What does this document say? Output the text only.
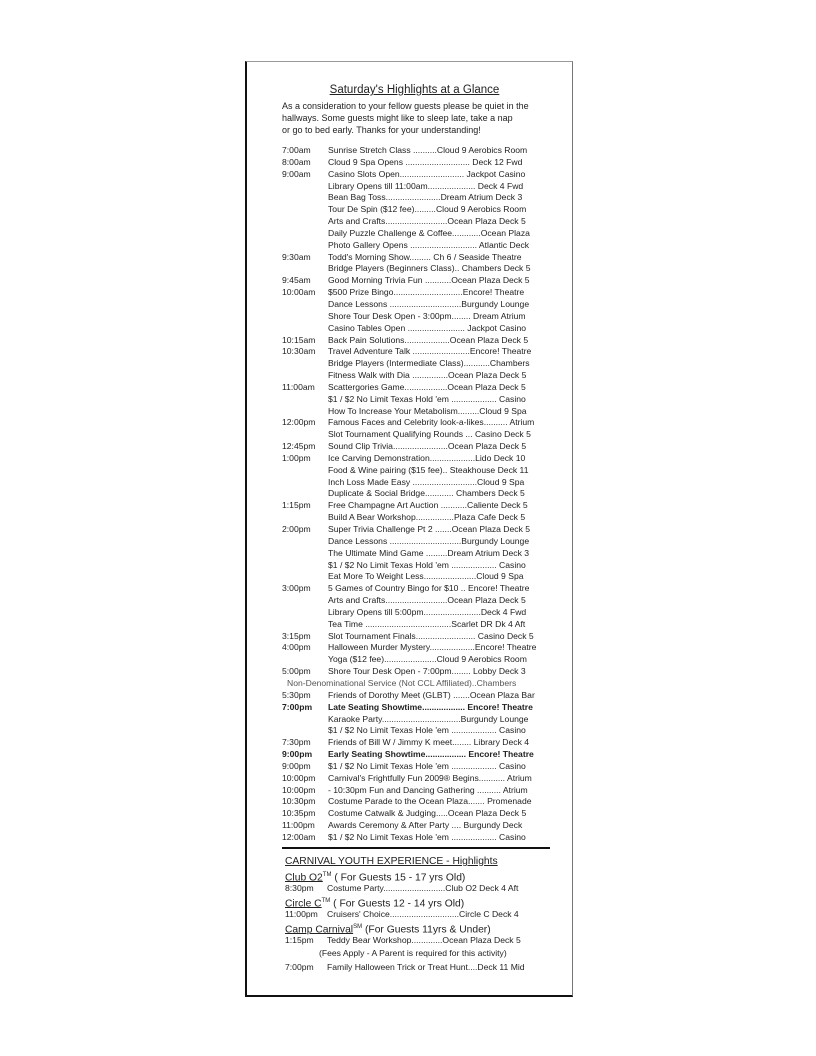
Saturday's Highlights at a Glance
As a consideration to your fellow guests please be quiet in the
hallways. Some guests might like to sleep late, take a nap
or go to bed early. Thanks for your understanding!
7:00am	Sunrise Stretch Class ..........Cloud 9 Aerobics Room
8:00am	Cloud 9 Spa Opens ........................... Deck 12 Fwd
9:00am	Casino Slots Open........................... Jackpot Casino
Library Opens till 11:00am.................... Deck 4 Fwd
Bean Bag Toss.......................Dream Atrium Deck 3
Tour De Spin ($12 fee).........Cloud 9 Aerobics Room
Arts and Crafts..........................Ocean Plaza Deck 5
Daily Puzzle Challenge & Coffee............Ocean Plaza
Photo Gallery Opens ............................ Atlantic Deck
9:30am	Todd's Morning Show......... Ch 6 / Seaside Theatre
Bridge Players (Beginners Class).. Chambers Deck 5
9:45am	Good Morning Trivia Fun ...........Ocean Plaza Deck 5
10:00am	$500 Prize Bingo.............................Encore! Theatre
Dance Lessons ..............................Burgundy Lounge
Shore Tour Desk Open - 3:00pm........ Dream Atrium
Casino Tables Open ........................ Jackpot Casino
10:15am	Back Pain Solutions...................Ocean Plaza Deck 5
10:30am	Travel Adventure Talk ........................Encore! Theatre
Bridge Players (Intermediate Class)...........Chambers
Fitness Walk with Dia ...............Ocean Plaza Deck 5
11:00am	Scattergories Game..................Ocean Plaza Deck 5
$1 / $2 No Limit Texas Hold 'em ................... Casino
How To Increase Your Metabolism.........Cloud 9 Spa
12:00pm	Famous Faces and Celebrity look-a-likes.......... Atrium
Slot Tournament Qualifying Rounds ... Casino Deck 5
12:45pm	Sound Clip Trivia.......................Ocean Plaza Deck 5
1:00pm	Ice Carving Demonstration...................Lido Deck 10
Food & Wine pairing ($15 fee).. Steakhouse Deck 11
Inch Loss Made Easy ...........................Cloud 9 Spa
Duplicate & Social Bridge............ Chambers Deck 5
1:15pm	Free Champagne Art Auction ...........Caliente Deck 5
Build A Bear Workshop................Plaza Cafe Deck 5
2:00pm	Super Trivia Challenge Pt 2 .......Ocean Plaza Deck 5
Dance Lessons ..............................Burgundy Lounge
The Ultimate Mind Game .........Dream Atrium Deck 3
$1 / $2 No Limit Texas Hold 'em ................... Casino
Eat More To Weight Less......................Cloud 9 Spa
3:00pm	5 Games of Country Bingo for $10 .. Encore! Theatre
Arts and Crafts..........................Ocean Plaza Deck 5
Library Opens till 5:00pm........................Deck 4 Fwd
Tea Time ....................................Scarlet DR Dk 4 Aft
3:15pm	Slot Tournament Finals......................... Casino Deck 5
4:00pm	Halloween Murder Mystery...................Encore! Theatre
Yoga ($12 fee)......................Cloud 9 Aerobics Room
5:00pm	Shore Tour Desk Open - 7:00pm........ Lobby Deck 3
Non-Denominational Service (Not CCL Affiliated)..Chambers
5:30pm	Friends of Dorothy Meet (GLBT) .......Ocean Plaza Bar
7:00pm	Late Seating Showtime.................. Encore! Theatre
Karaoke Party.................................Burgundy Lounge
$1 / $2 No Limit Texas Hole 'em ................... Casino
7:30pm	Friends of Bill W / Jimmy K meet........ Library Deck 4
9:00pm	Early Seating Showtime................. Encore! Theatre
9:00pm	$1 / $2 No Limit Texas Hole 'em ................... Casino
10:00pm	Carnival's Frightfully Fun 2009® Begins........... Atrium
10:00pm	- 10:30pm Fun and Dancing Gathering .......... Atrium
10:30pm	Costume Parade to the Ocean Plaza....... Promenade
10:35pm	Costume Catwalk & Judging.....Ocean Plaza Deck 5
11:00pm	Awards Ceremony & After Party .... Burgundy Deck
12:00am	$1 / $2 No Limit Texas Hole 'em ................... Casino
CARNIVAL YOUTH EXPERIENCE - Highlights
Club O2™ ( For Guests 15 - 17 yrs Old)
8:30pm	Costume Party..........................Club O2 Deck 4 Aft
Circle C™ ( For Guests 12 - 14 yrs Old)
11:00pm	Cruisers' Choice.............................Circle C Deck 4
Camp Carnival℠ (For Guests 11yrs & Under)
1:15pm	Teddy Bear Workshop.............Ocean Plaza Deck 5
(Fees Apply - A Parent is required for this activity)
7:00pm	Family Halloween Trick or Treat Hunt....Deck 11 Mid
